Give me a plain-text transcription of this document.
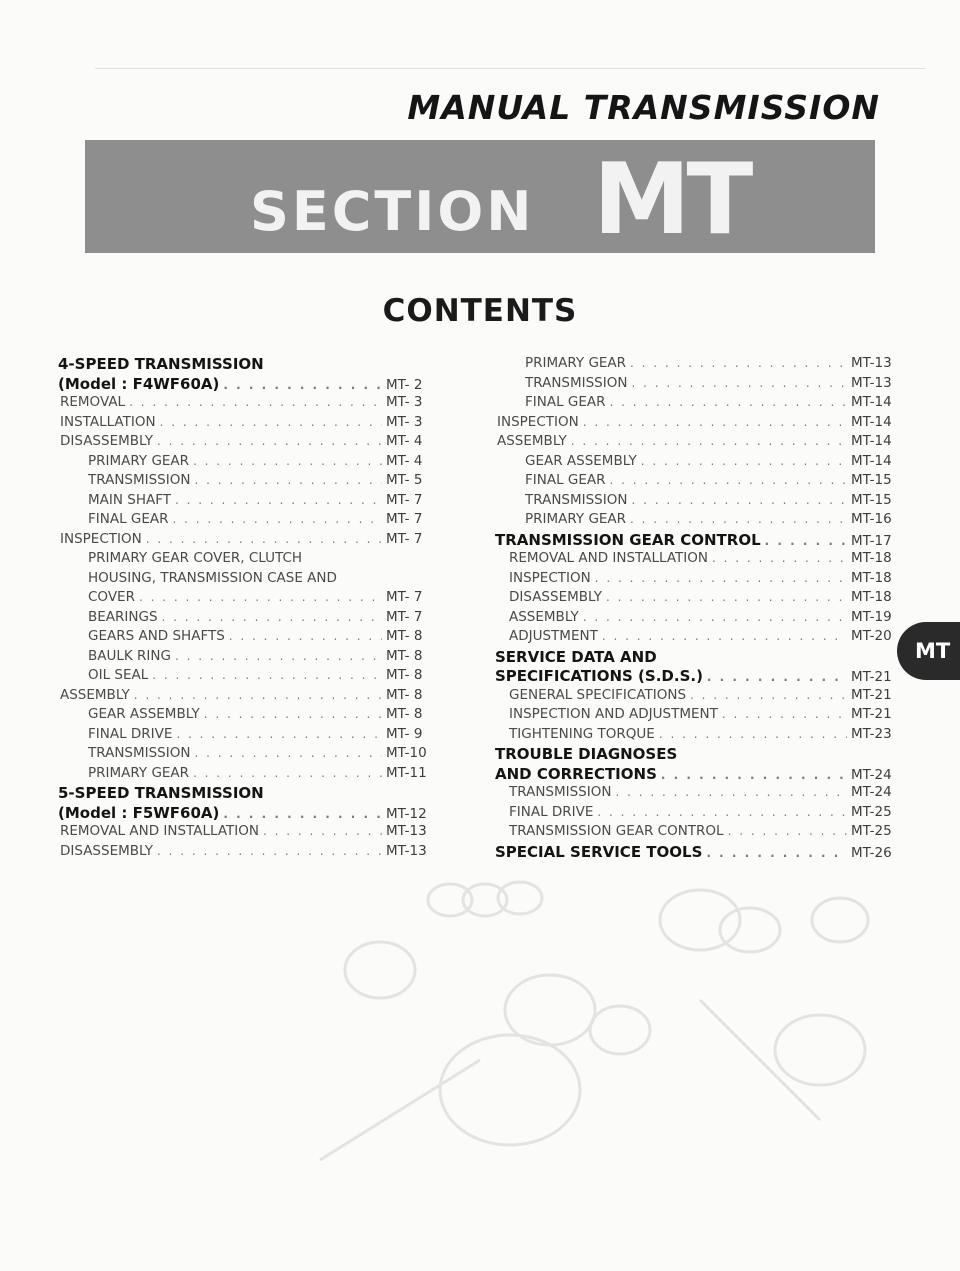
MANUAL TRANSMISSION
SECTION MT
CONTENTS
4-SPEED TRANSMISSION
(Model : F4WF60A) . . .	MT- 2
REMOVAL . . .	MT- 3
INSTALLATION . . .	MT- 3
DISASSEMBLY . . .	MT- 4
PRIMARY GEAR . . .	MT- 4
TRANSMISSION . . .	MT- 5
MAIN SHAFT . . .	MT- 7
FINAL GEAR . . .	MT- 7
INSPECTION . . .	MT- 7
PRIMARY GEAR COVER, CLUTCH
HOUSING, TRANSMISSION CASE AND
COVER . . .	MT- 7
BEARINGS . . .	MT- 7
GEARS AND SHAFTS . . .	MT- 8
BAULK RING . . .	MT- 8
OIL SEAL . . .	MT- 8
ASSEMBLY . . .	MT- 8
GEAR ASSEMBLY . . .	MT- 8
FINAL DRIVE . . .	MT- 9
TRANSMISSION . . .	MT-10
PRIMARY GEAR . . .	MT-11
5-SPEED TRANSMISSION
(Model : F5WF60A) . . .	MT-12
REMOVAL AND INSTALLATION . . .	MT-13
DISASSEMBLY . . .	MT-13
PRIMARY GEAR . . .	MT-13
TRANSMISSION . . .	MT-13
FINAL GEAR . . .	MT-14
INSPECTION . . .	MT-14
ASSEMBLY . . .	MT-14
GEAR ASSEMBLY . . .	MT-14
FINAL GEAR . . .	MT-15
TRANSMISSION . . .	MT-15
PRIMARY GEAR . . .	MT-16
TRANSMISSION GEAR CONTROL . . .	MT-17
REMOVAL AND INSTALLATION . . .	MT-18
INSPECTION . . .	MT-18
DISASSEMBLY . . .	MT-18
ASSEMBLY . . .	MT-19
ADJUSTMENT . . .	MT-20
SERVICE DATA AND
SPECIFICATIONS (S.D.S.) . . .	MT-21
GENERAL SPECIFICATIONS . . .	MT-21
INSPECTION AND ADJUSTMENT . . .	MT-21
TIGHTENING TORQUE . . .	MT-23
TROUBLE DIAGNOSES
AND CORRECTIONS . . .	MT-24
TRANSMISSION . . .	MT-24
FINAL DRIVE . . .	MT-25
TRANSMISSION GEAR CONTROL . . .	MT-25
SPECIAL SERVICE TOOLS . . .	MT-26
MT
